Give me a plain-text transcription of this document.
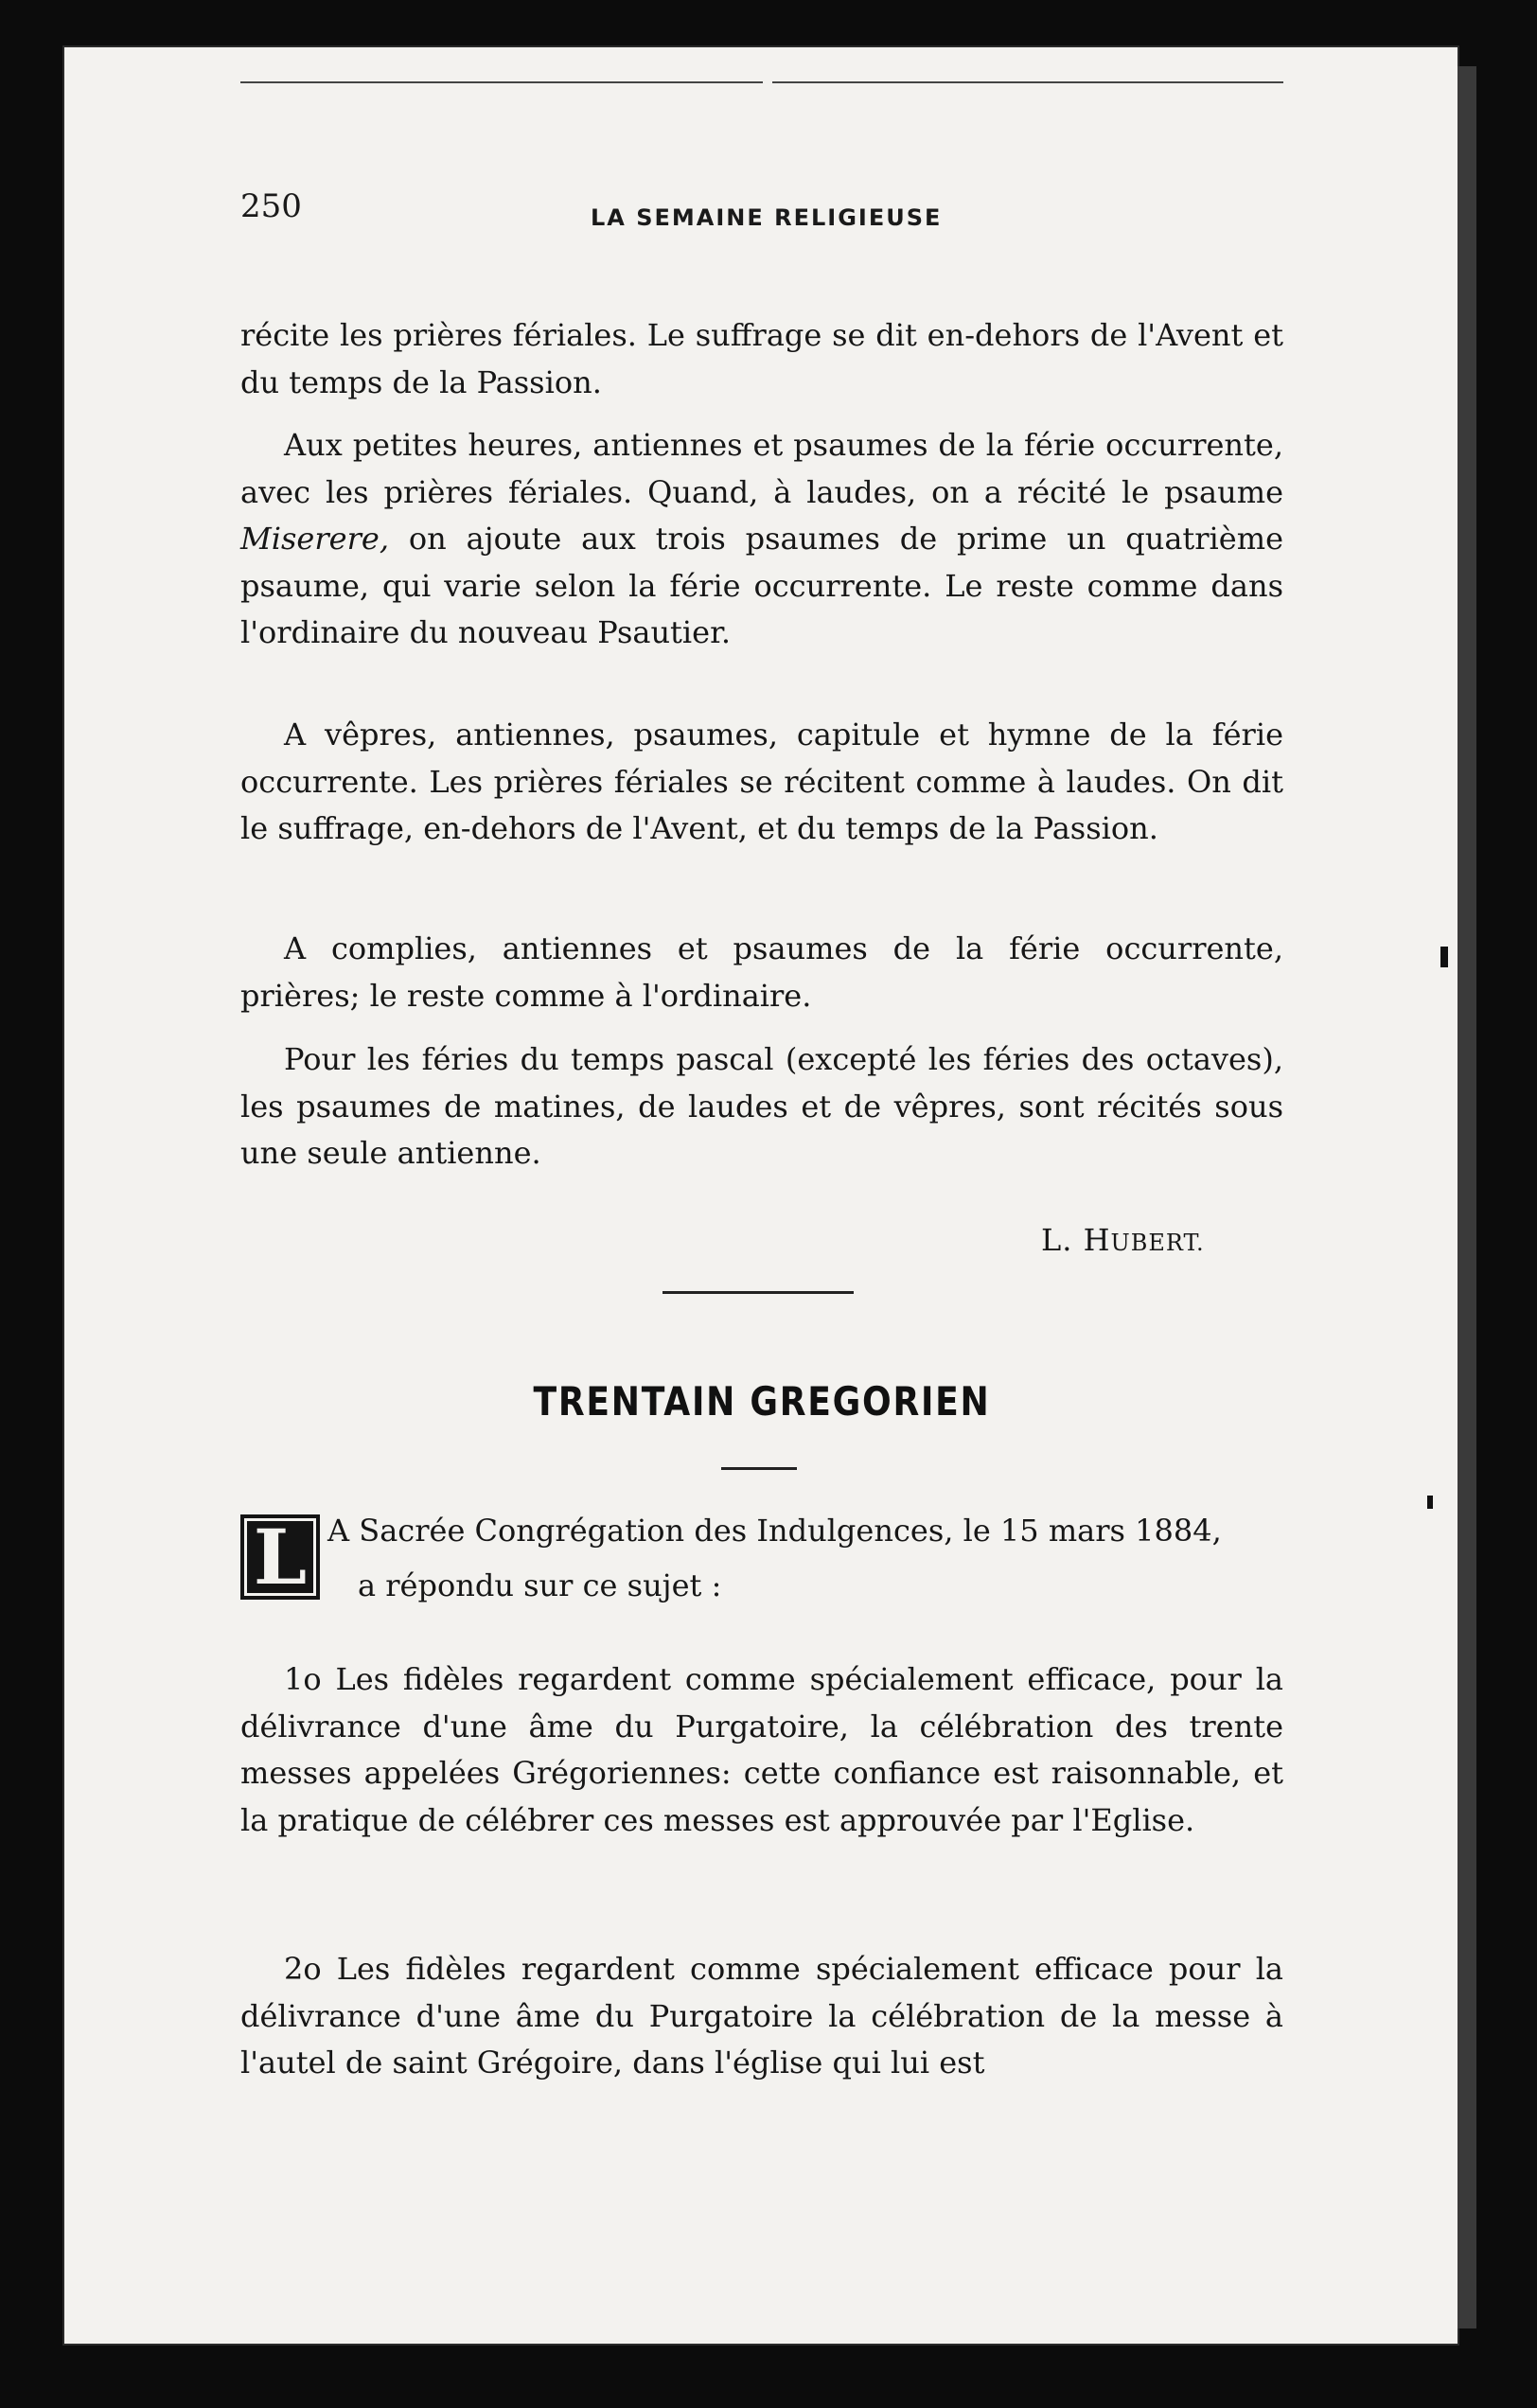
250	LA SEMAINE RELIGIEUSE

récite les prières fériales. Le suffrage se dit en-dehors de l'Avent et du temps de la Passion.

Aux petites heures, antiennes et psaumes de la férie occurrente, avec les prières fériales. Quand, à laudes, on a récité le psaume Miserere, on ajoute aux trois psaumes de prime un quatrième psaume, qui varie selon la férie occurrente. Le reste comme dans l'ordinaire du nouveau Psautier.

A vêpres, antiennes, psaumes, capitule et hymne de la férie occurrente. Les prières fériales se récitent comme à laudes. On dit le suffrage, en-dehors de l'Avent, et du temps de la Passion.

A complies, antiennes et psaumes de la férie occurrente, prières; le reste comme à l'ordinaire.

Pour les féries du temps pascal (excepté les féries des octaves), les psaumes de matines, de laudes et de vêpres, sont récités sous une seule antienne.

L. HUBERT.
TRENTAIN GREGORIEN
L A Sacrée Congrégation des Indulgences, le 15 mars 1884,
a répondu sur ce sujet :

1o Les fidèles regardent comme spécialement efficace, pour la délivrance d'une âme du Purgatoire, la célébration des trente messes appelées Grégoriennes: cette confiance est raisonnable, et la pratique de célébrer ces messes est approuvée par l'Eglise.

2o Les fidèles regardent comme spécialement efficace pour la délivrance d'une âme du Purgatoire la célébration de la messe à l'autel de saint Grégoire, dans l'église qui lui est
